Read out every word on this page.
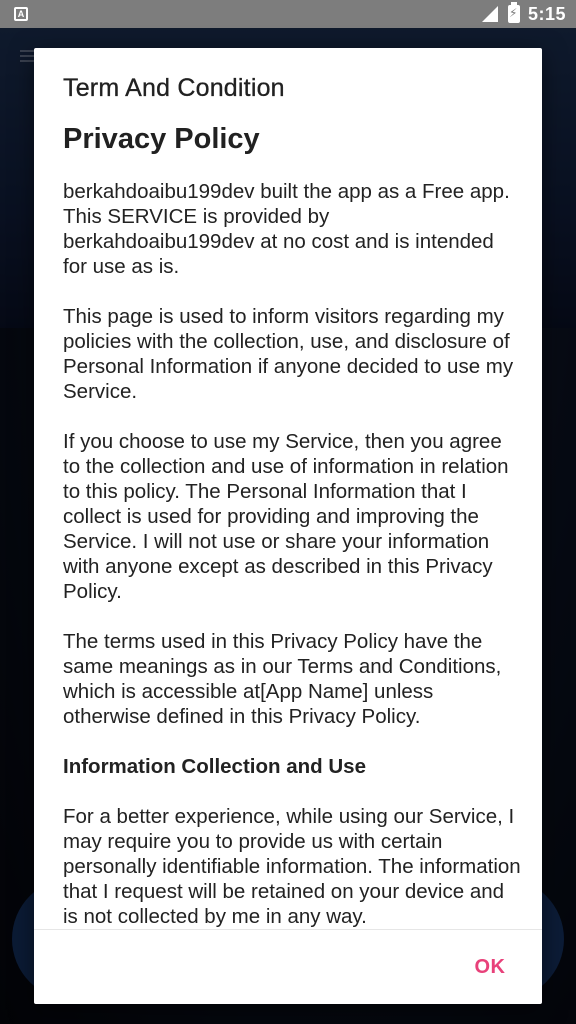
A
⚡	5:15
Term And Condition
Privacy Policy

berkahdoaibu199dev built the app as a Free app. This SERVICE is provided by berkahdoaibu199dev at no cost and is intended for use as is.

This page is used to inform visitors regarding my policies with the collection, use, and disclosure of Personal Information if anyone decided to use my Service.

If you choose to use my Service, then you agree to the collection and use of information in relation to this policy. The Personal Information that I collect is used for providing and improving the Service. I will not use or share your information with anyone except as described in this Privacy Policy.

The terms used in this Privacy Policy have the same meanings as in our Terms and Conditions, which is accessible at[App Name] unless otherwise defined in this Privacy Policy.

Information Collection and Use

For a better experience, while using our Service, I may require you to provide us with certain personally identifiable information. The information that I request will be retained on your device and is not collected by me in any way.

OK
